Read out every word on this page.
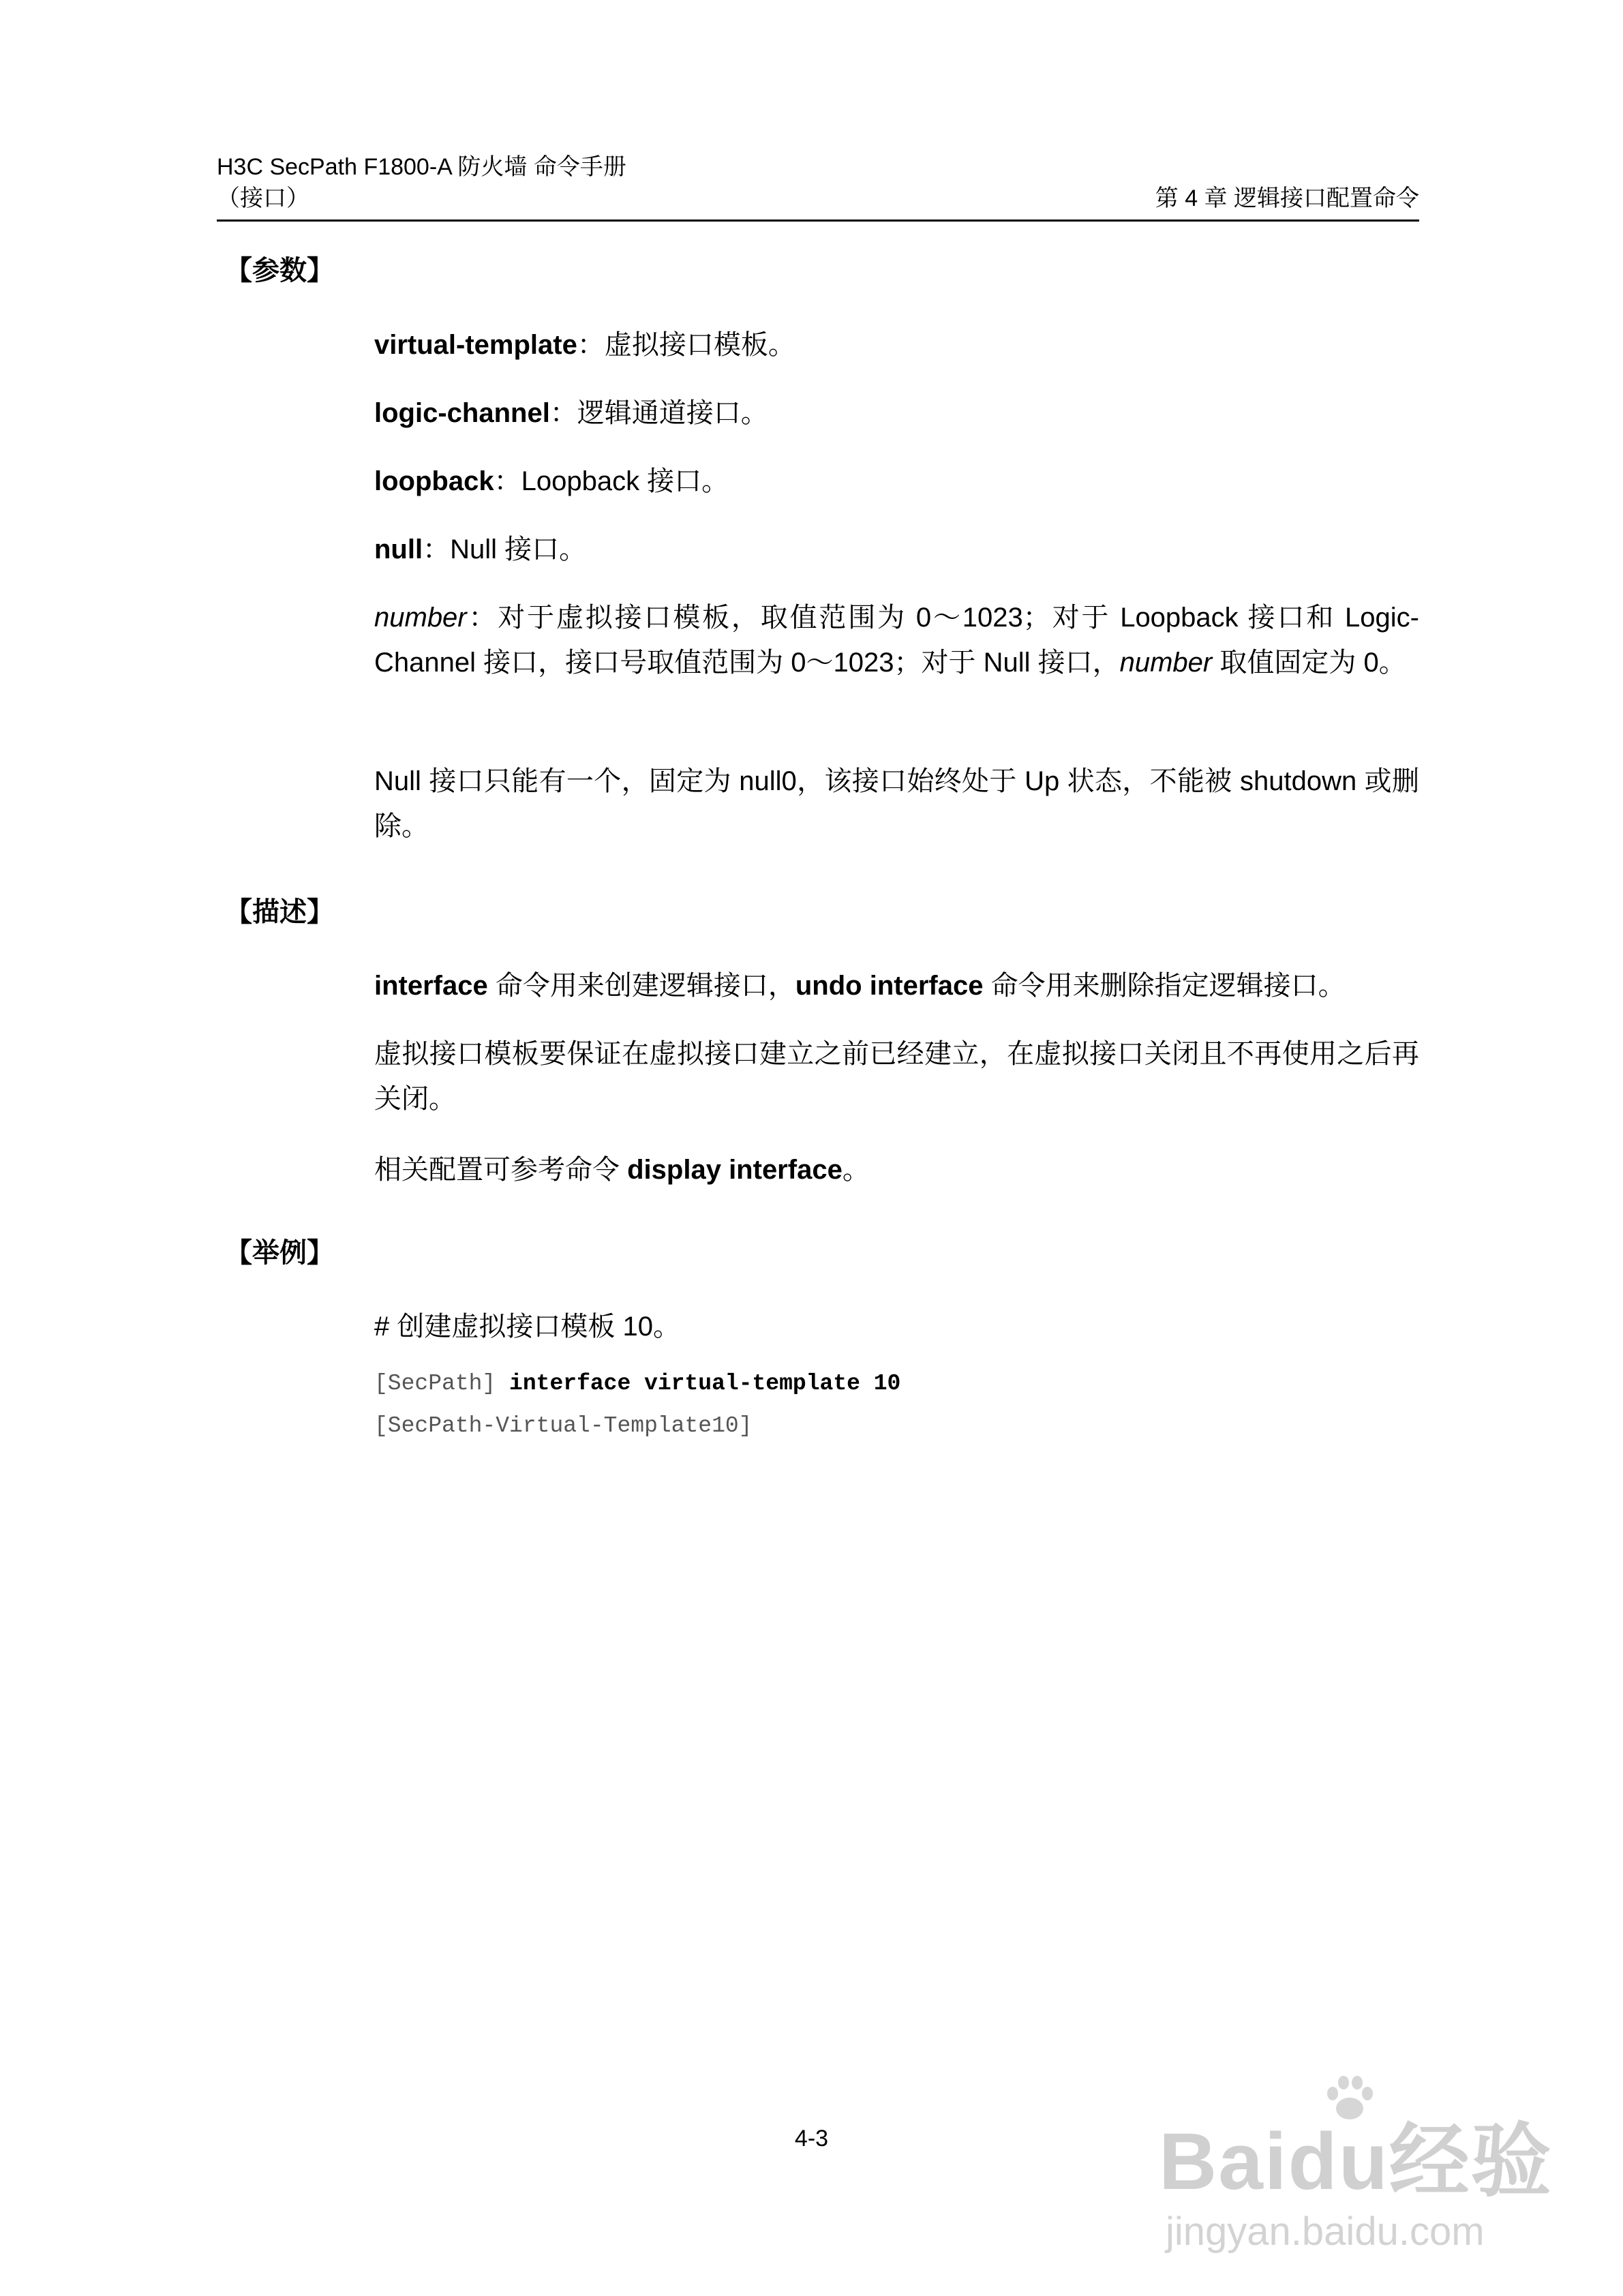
H3C SecPath F1800-A 防火墙 命令手册
（接口）	第 4 章 逻辑接口配置命令
【参数】
virtual-template：虚拟接口模板。
logic-channel：逻辑通道接口。
loopback：Loopback 接口。
null：Null 接口。
number：对于虚拟接口模板，取值范围为 0～1023；对于 Loopback 接口和 Logic-Channel 接口，接口号取值范围为 0～1023；对于 Null 接口，number 取值固定为 0。
Null 接口只能有一个，固定为 null0，该接口始终处于 Up 状态，不能被 shutdown 或删除。
【描述】
interface 命令用来创建逻辑接口，undo interface 命令用来删除指定逻辑接口。
虚拟接口模板要保证在虚拟接口建立之前已经建立，在虚拟接口关闭且不再使用之后再关闭。
相关配置可参考命令 display interface。
【举例】
# 创建虚拟接口模板 10。
[SecPath] interface virtual-template 10
[SecPath-Virtual-Template10]
4-3	Baidu经验
jingyan.baidu.com
